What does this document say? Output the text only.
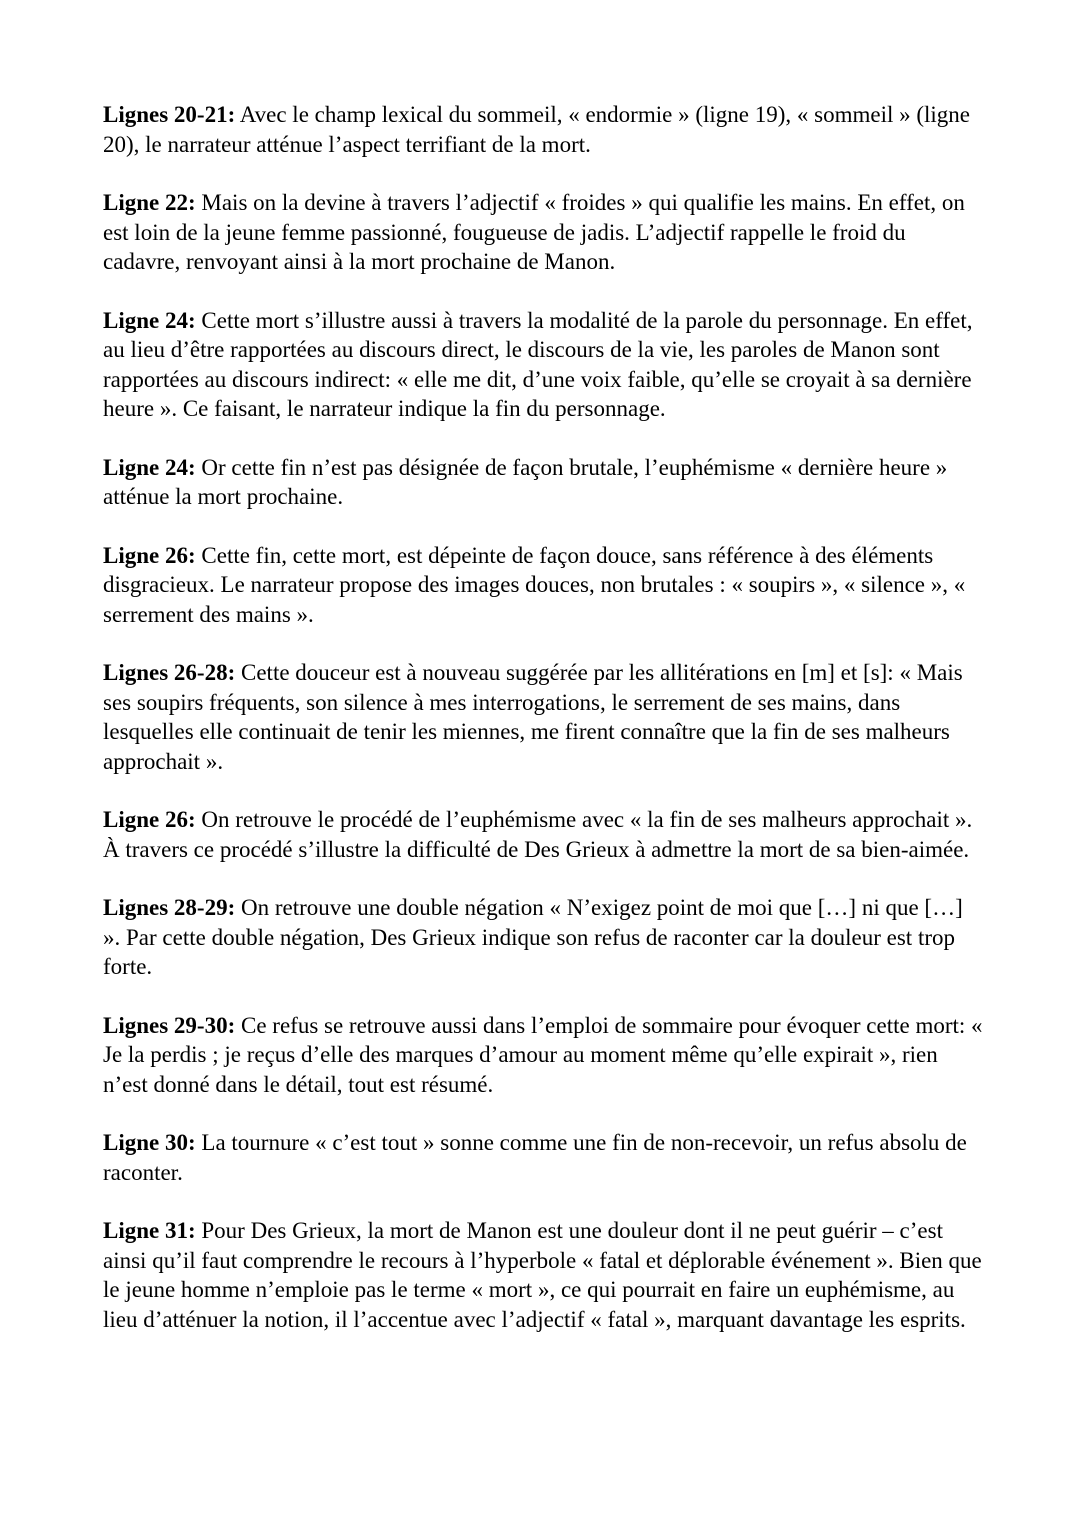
Lignes 20-21: Avec le champ lexical du sommeil, « endormie » (ligne 19), « sommeil » (ligne 20), le narrateur atténue l’aspect terrifiant de la mort.

Ligne 22: Mais on la devine à travers l’adjectif « froides » qui qualifie les mains. En effet, on est loin de la jeune femme passionné, fougueuse de jadis. L’adjectif rappelle le froid du cadavre, renvoyant ainsi à la mort prochaine de Manon.

Ligne 24: Cette mort s’illustre aussi à travers la modalité de la parole du personnage. En effet, au lieu d’être rapportées au discours direct, le discours de la vie, les paroles de Manon sont rapportées au discours indirect: « elle me dit, d’une voix faible, qu’elle se croyait à sa dernière heure ». Ce faisant, le narrateur indique la fin du personnage.

Ligne 24: Or cette fin n’est pas désignée de façon brutale, l’euphémisme « dernière heure » atténue la mort prochaine.

Ligne 26: Cette fin, cette mort, est dépeinte de façon douce, sans référence à des éléments disgracieux. Le narrateur propose des images douces, non brutales : « soupirs », « silence », « serrement des mains ».

Lignes 26-28: Cette douceur est à nouveau suggérée par les allitérations en [m] et [s]: « Mais ses soupirs fréquents, son silence à mes interrogations, le serrement de ses mains, dans lesquelles elle continuait de tenir les miennes, me firent connaître que la fin de ses malheurs approchait ».

Ligne 26: On retrouve le procédé de l’euphémisme avec « la fin de ses malheurs approchait ». À travers ce procédé s’illustre la difficulté de Des Grieux à admettre la mort de sa bien-aimée.

Lignes 28-29: On retrouve une double négation « N’exigez point de moi que […] ni que […] ». Par cette double négation, Des Grieux indique son refus de raconter car la douleur est trop forte.

Lignes 29-30: Ce refus se retrouve aussi dans l’emploi de sommaire pour évoquer cette mort: « Je la perdis ; je reçus d’elle des marques d’amour au moment même qu’elle expirait », rien n’est donné dans le détail, tout est résumé.

Ligne 30: La tournure « c’est tout » sonne comme une fin de non-recevoir, un refus absolu de raconter.

Ligne 31: Pour Des Grieux, la mort de Manon est une douleur dont il ne peut guérir – c’est ainsi qu’il faut comprendre le recours à l’hyperbole « fatal et déplorable événement ». Bien que le jeune homme n’emploie pas le terme « mort », ce qui pourrait en faire un euphémisme, au lieu d’atténuer la notion, il l’accentue avec l’adjectif « fatal », marquant davantage les esprits.
